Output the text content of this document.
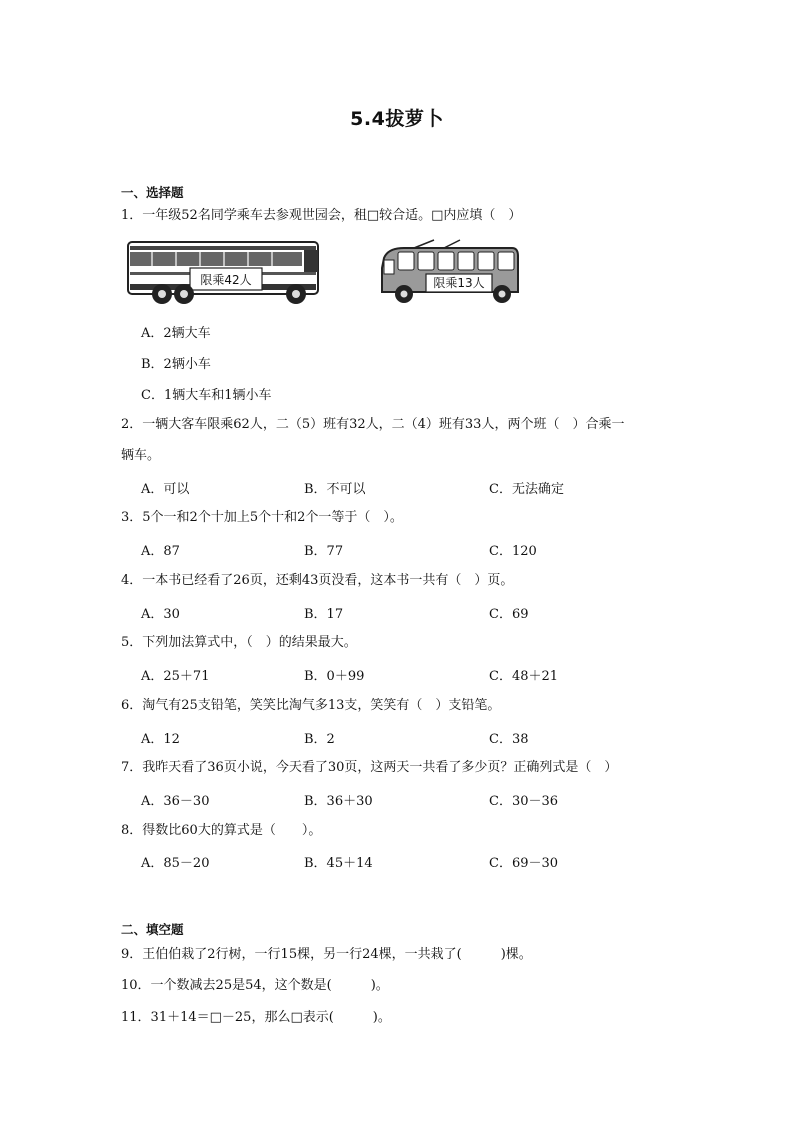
5.4拔萝卜
一、选择题
1．一年级52名同学乘车去参观世园会，租□较合适。□内应填（　）
限乘42人	限乘13人
A．2辆大车
B．2辆小车
C．1辆大车和1辆小车
2．一辆大客车限乘62人，二（5）班有32人，二（4）班有33人，两个班（　）合乘一
辆车。
A．可以	B．不可以	C．无法确定
3．5个一和2个十加上5个十和2个一等于（　）。
A．87	B．77	C．120
4．一本书已经看了26页，还剩43页没看，这本书一共有（　）页。
A．30	B．17	C．69
5．下列加法算式中，（　）的结果最大。
A．25＋71	B．0＋99	C．48＋21
6．淘气有25支铅笔，笑笑比淘气多13支，笑笑有（　）支铅笔。
A．12	B．2	C．38
7．我昨天看了36页小说，今天看了30页，这两天一共看了多少页？正确列式是（　）
A．36－30	B．36＋30	C．30－36
8．得数比60大的算式是（　　）。
A．85－20	B．45＋14	C．69－30
二、填空题
9．王伯伯栽了2行树，一行15棵，另一行24棵，一共栽了(　　　)棵。
10．一个数减去25是54，这个数是(　　　)。
11．31＋14＝□－25，那么□表示(　　　)。
